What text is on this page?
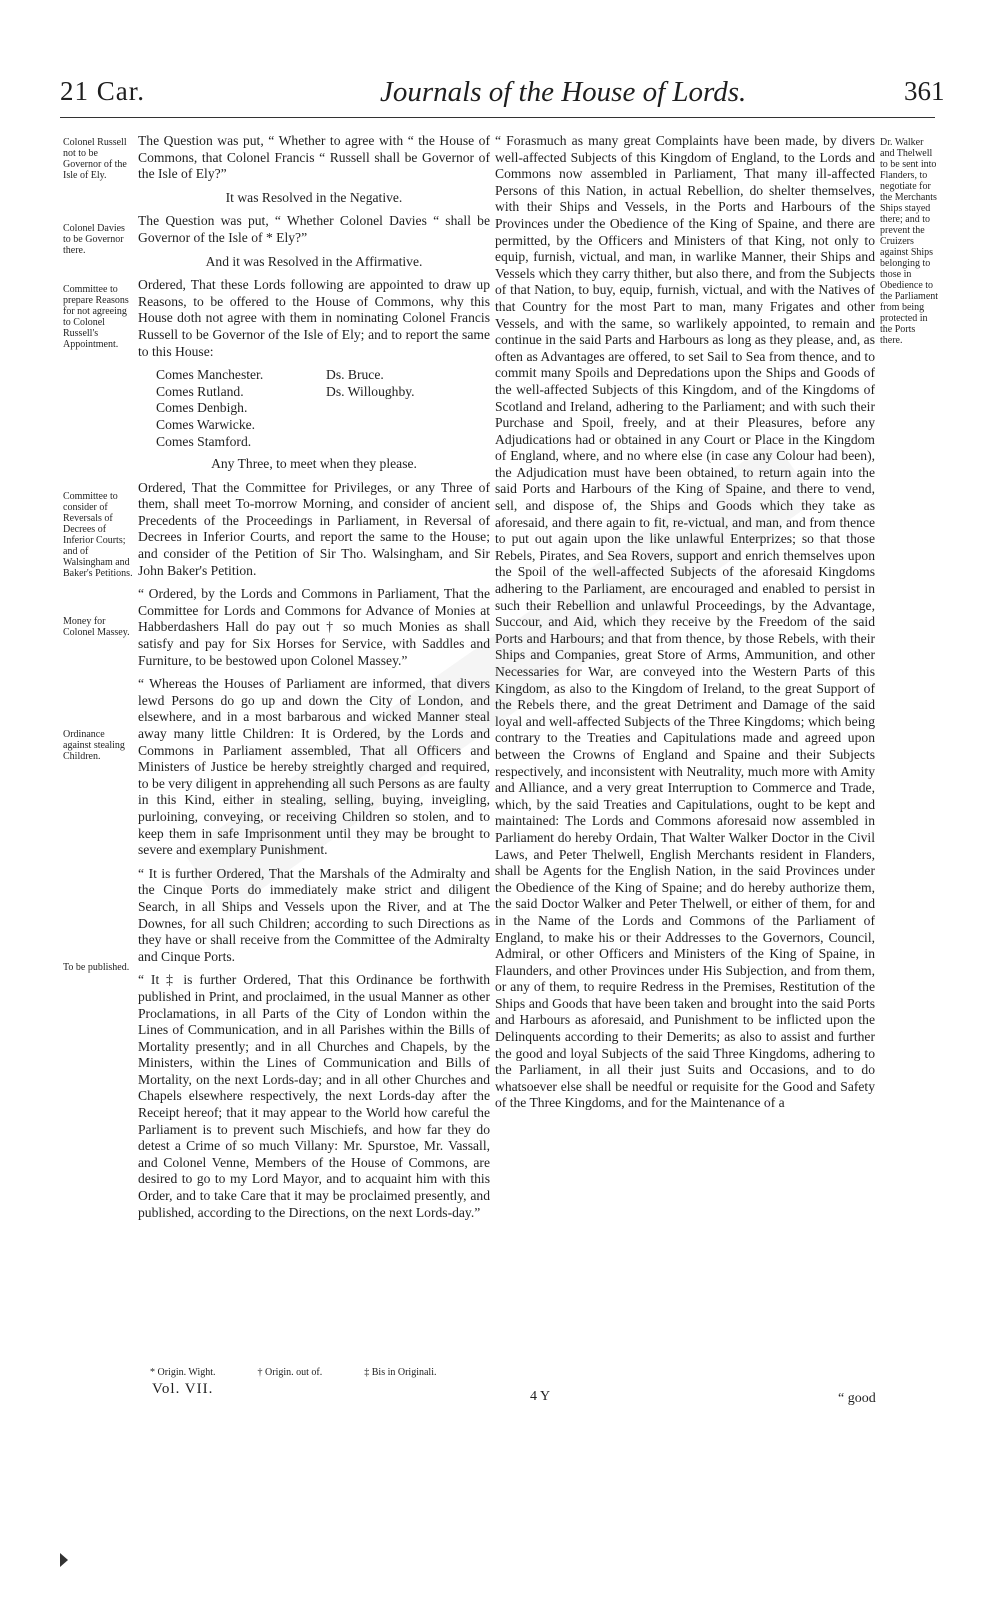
21 Car.	Journals of the House of Lords.	361
Colonel Russell not to be Governor of the Isle of Ely.
Colonel Davies to be Governor there.
Committee to prepare Reasons for not agreeing to Colonel Russell's Appointment.
Committee to consider of Reversals of Decrees of Inferior Courts; and of Walsingham and Baker's Petitions.
Money for Colonel Massey.
Ordinance against stealing Children.
To be published.
Dr. Walker and Thelwell to be sent into Flanders, to negotiate for the Merchants Ships stayed there; and to prevent the Cruizers against Ships belonging to those in Obedience to the Parliament from being protected in the Ports there.

The Question was put, “ Whether to agree with “ the House of Commons, that Colonel Francis “ Russell shall be Governor of the Isle of Ely?”

It was Resolved in the Negative.

The Question was put, “ Whether Colonel Davies “ shall be Governor of the Isle of * Ely?”

And it was Resolved in the Affirmative.

Ordered, That these Lords following are appointed to draw up Reasons, to be offered to the House of Commons, why this House doth not agree with them in nominating Colonel Francis Russell to be Governor of the Isle of Ely; and to report the same to this House:

Comes Manchester.	Ds. Bruce.
Comes Rutland.	Ds. Willoughby.
Comes Denbigh.
Comes Warwicke.
Comes Stamford.

Any Three, to meet when they please.

Ordered, That the Committee for Privileges, or any Three of them, shall meet To-morrow Morning, and consider of ancient Precedents of the Proceedings in Parliament, in Reversal of Decrees in Inferior Courts, and report the same to the House; and consider of the Petition of Sir Tho. Walsingham, and Sir John Baker's Petition.

“ Ordered, by the Lords and Commons in Parliament, That the Committee for Lords and Commons for Advance of Monies at Habberdashers Hall do pay out † so much Monies as shall satisfy and pay for Six Horses for Service, with Saddles and Furniture, to be bestowed upon Colonel Massey.”

“ Whereas the Houses of Parliament are informed, that divers lewd Persons do go up and down the City of London, and elsewhere, and in a most barbarous and wicked Manner steal away many little Children: It is Ordered, by the Lords and Commons in Parliament assembled, That all Officers and Ministers of Justice be hereby streightly charged and required, to be very diligent in apprehending all such Persons as are faulty in this Kind, either in stealing, selling, buying, inveigling, purloining, conveying, or receiving Children so stolen, and to keep them in safe Imprisonment until they may be brought to severe and exemplary Punishment.

“ It is further Ordered, That the Marshals of the Admiralty and the Cinque Ports do immediately make strict and diligent Search, in all Ships and Vessels upon the River, and at The Downes, for all such Children; according to such Directions as they have or shall receive from the Committee of the Admiralty and Cinque Ports.

“ It ‡ is further Ordered, That this Ordinance be forthwith published in Print, and proclaimed, in the usual Manner as other Proclamations, in all Parts of the City of London within the Lines of Communication, and in all Parishes within the Bills of Mortality presently; and in all Churches and Chapels, by the Ministers, within the Lines of Communication and Bills of Mortality, on the next Lords-day; and in all other Churches and Chapels elsewhere respectively, the next Lords-day after the Receipt hereof; that it may appear to the World how careful the Parliament is to prevent such Mischiefs, and how far they do detest a Crime of so much Villany: Mr. Spurstoe, Mr. Vassall, and Colonel Venne, Members of the House of Commons, are desired to go to my Lord Mayor, and to acquaint him with this Order, and to take Care that it may be proclaimed presently, and published, according to the Directions, on the next Lords-day.”

“ Forasmuch as many great Complaints have been made, by divers well-affected Subjects of this Kingdom of England, to the Lords and Commons now assembled in Parliament, That many ill-affected Persons of this Nation, in actual Rebellion, do shelter themselves, with their Ships and Vessels, in the Ports and Harbours of the Provinces under the Obedience of the King of Spaine, and there are permitted, by the Officers and Ministers of that King, not only to equip, furnish, victual, and man, in warlike Manner, their Ships and Vessels which they carry thither, but also there, and from the Subjects of that Nation, to buy, equip, furnish, victual, and with the Natives of that Country for the most Part to man, many Frigates and other Vessels, and with the same, so warlikely appointed, to remain and continue in the said Parts and Harbours as long as they please, and, as often as Advantages are offered, to set Sail to Sea from thence, and to commit many Spoils and Depredations upon the Ships and Goods of the well-affected Subjects of this Kingdom, and of the Kingdoms of Scotland and Ireland, adhering to the Parliament; and with such their Purchase and Spoil, freely, and at their Pleasures, before any Adjudications had or obtained in any Court or Place in the Kingdom of England, where, and no where else (in case any Colour had been), the Adjudication must have been obtained, to return again into the said Ports and Harbours of the King of Spaine, and there to vend, sell, and dispose of, the Ships and Goods which they take as aforesaid, and there again to fit, re-victual, and man, and from thence to put out again upon the like unlawful Enterprizes; so that those Rebels, Pirates, and Sea Rovers, support and enrich themselves upon the Spoil of the well-affected Subjects of the aforesaid Kingdoms adhering to the Parliament, are encouraged and enabled to persist in such their Rebellion and unlawful Proceedings, by the Advantage, Succour, and Aid, which they receive by the Freedom of the said Ports and Harbours; and that from thence, by those Rebels, with their Ships and Companies, great Store of Arms, Ammunition, and other Necessaries for War, are conveyed into the Western Parts of this Kingdom, as also to the Kingdom of Ireland, to the great Support of the Rebels there, and the great Detriment and Damage of the said loyal and well-affected Subjects of the Three Kingdoms; which being contrary to the Treaties and Capitulations made and agreed upon between the Crowns of England and Spaine and their Subjects respectively, and inconsistent with Neutrality, much more with Amity and Alliance, and a very great Interruption to Commerce and Trade, which, by the said Treaties and Capitulations, ought to be kept and maintained: The Lords and Commons aforesaid now assembled in Parliament do hereby Ordain, That Walter Walker Doctor in the Civil Laws, and Peter Thelwell, English Merchants resident in Flanders, shall be Agents for the English Nation, in the said Provinces under the Obedience of the King of Spaine; and do hereby authorize them, the said Doctor Walker and Peter Thelwell, or either of them, for and in the Name of the Lords and Commons of the Parliament of England, to make his or their Addresses to the Governors, Council, Admiral, or other Officers and Ministers of the King of Spaine, in Flaunders, and other Provinces under His Subjection, and from them, or any of them, to require Redress in the Premises, Restitution of the Ships and Goods that have been taken and brought into the said Ports and Harbours as aforesaid, and Punishment to be inflicted upon the Delinquents according to their Demerits; as also to assist and further the good and loyal Subjects of the said Three Kingdoms, adhering to the Parliament, in all their just Suits and Occasions, and to do whatsoever else shall be needful or requisite for the Good and Safety of the Three Kingdoms, and for the Maintenance of a

* Origin. Wight.	† Origin. out of.	‡ Bis in Originali.
Vol. VII.	4 Y	“ good
